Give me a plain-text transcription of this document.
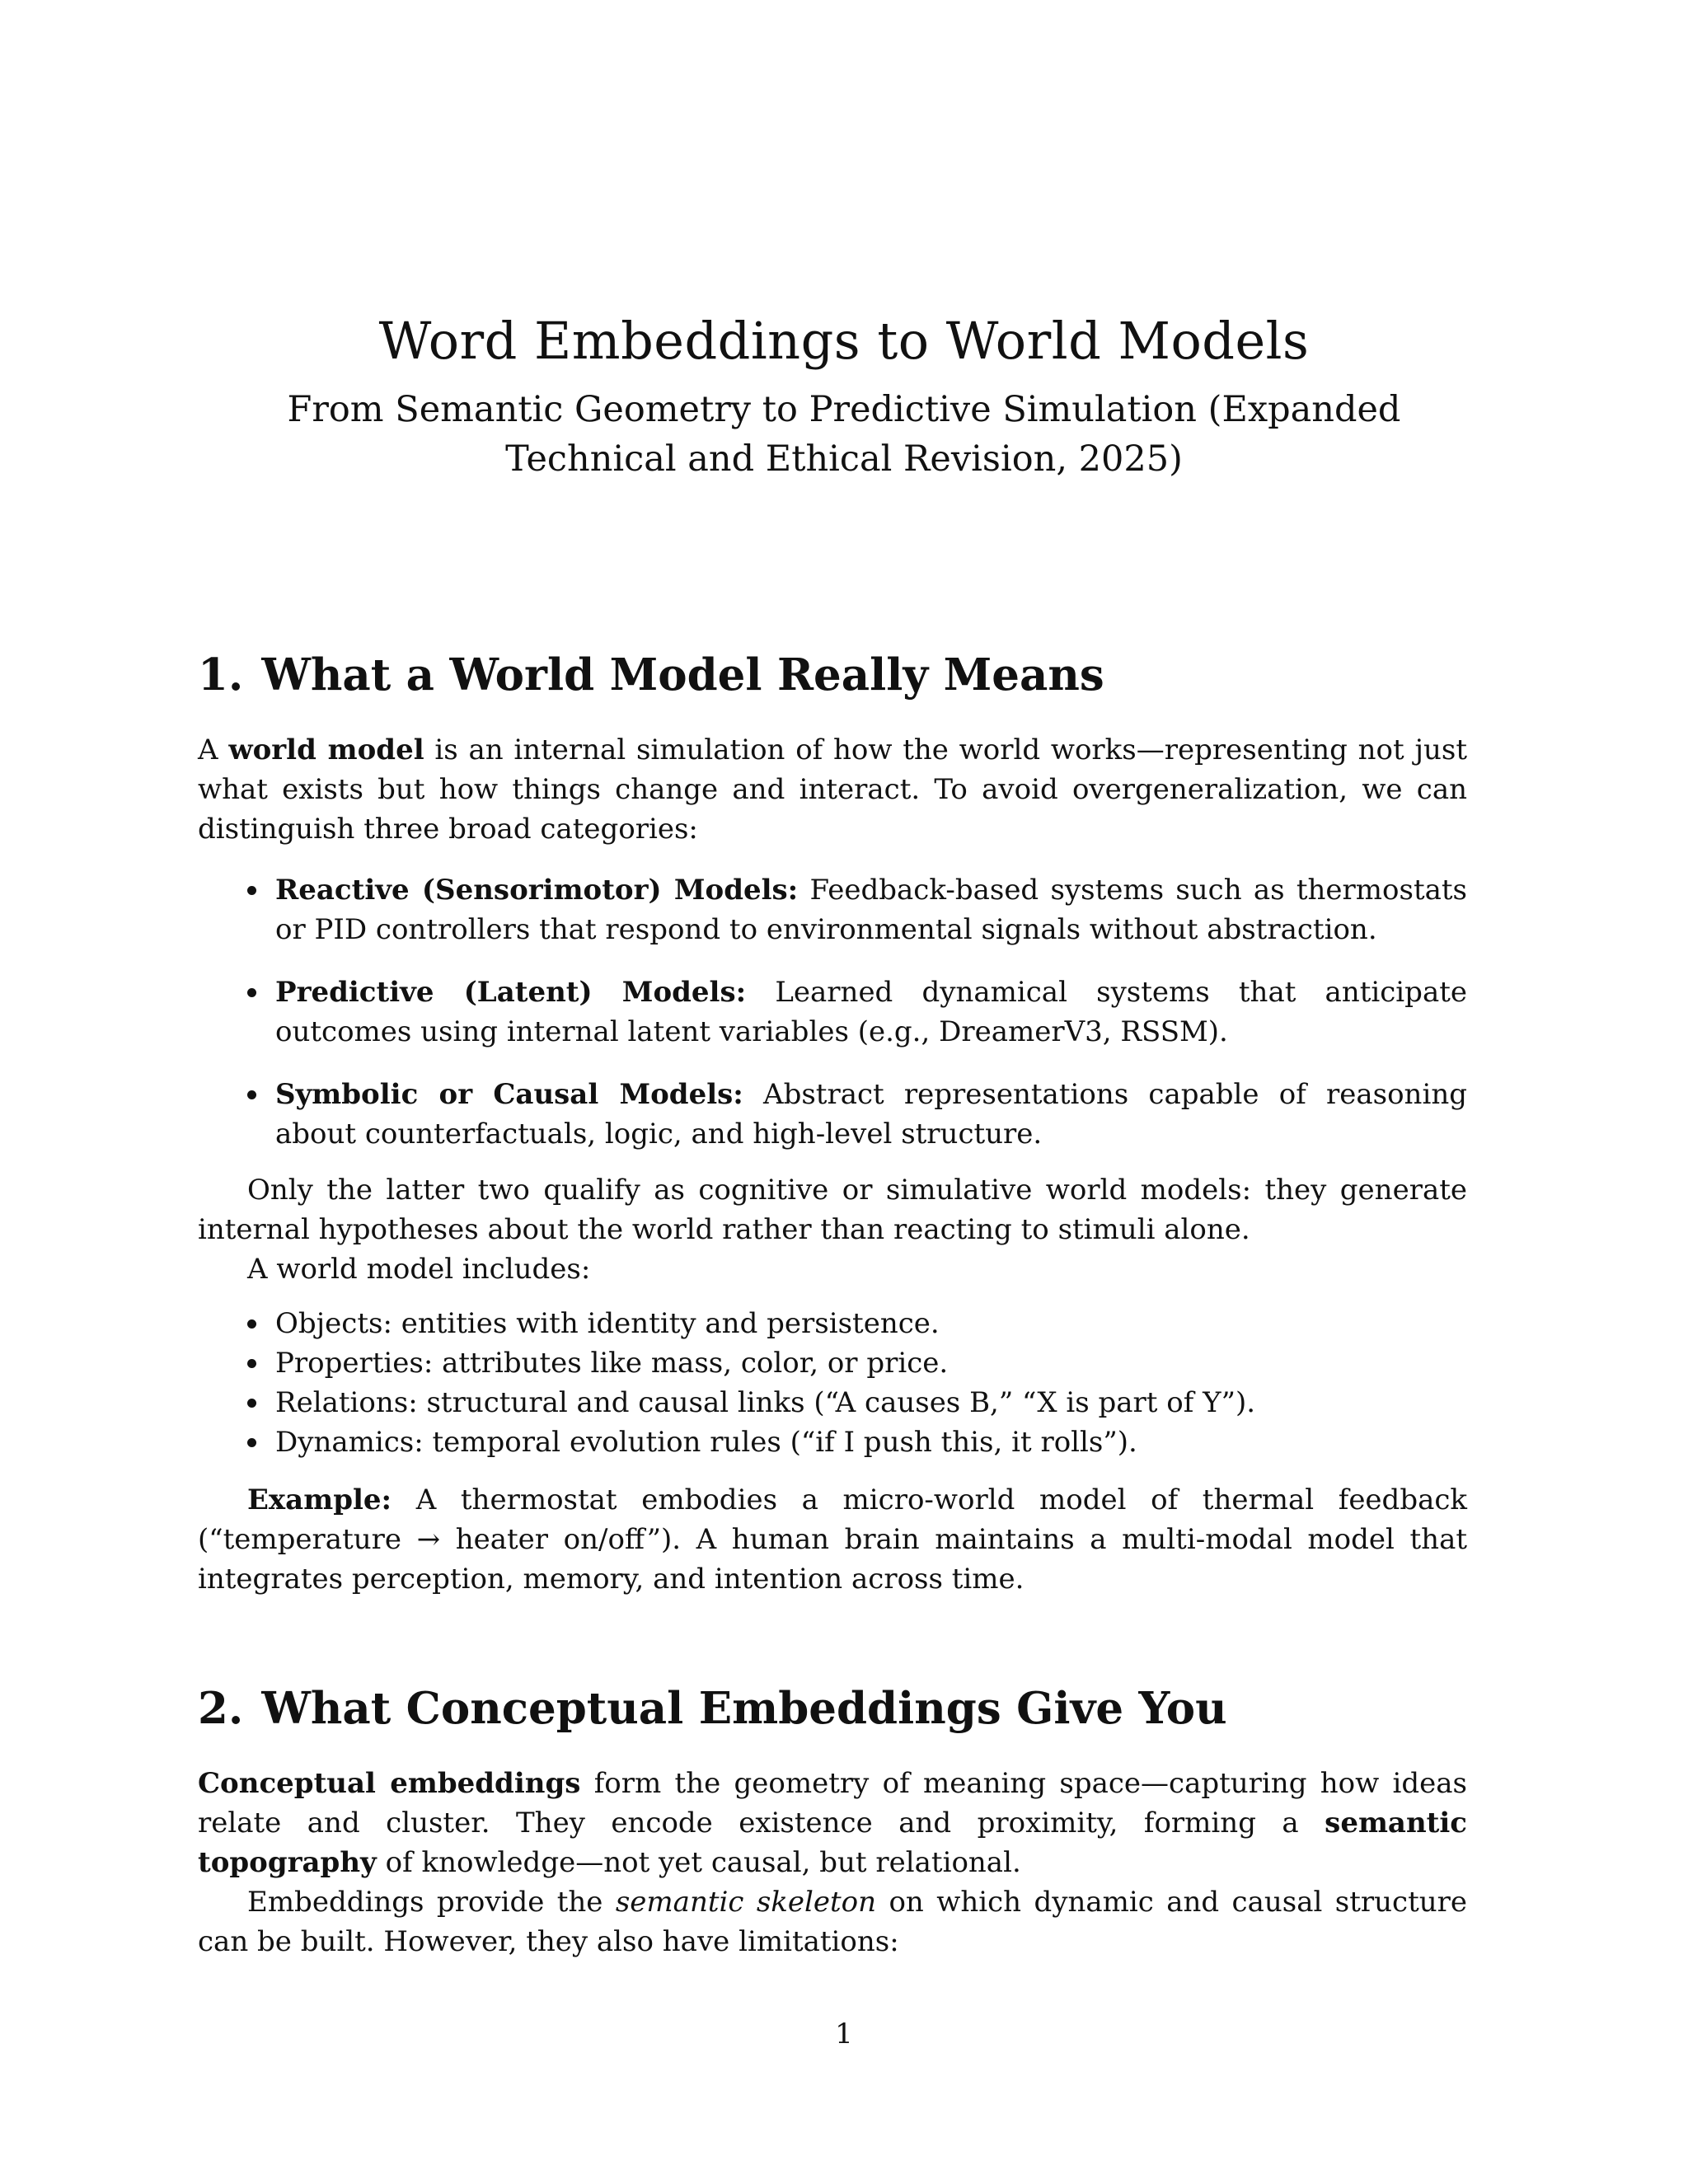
Word Embeddings to World Models
From Semantic Geometry to Predictive Simulation (Expanded Technical and Ethical Revision, 2025)
1. What a World Model Really Means

A world model is an internal simulation of how the world works—representing not just what exists but how things change and interact. To avoid overgeneralization, we can distinguish three broad categories:

Reactive (Sensorimotor) Models: Feedback-based systems such as thermostats or PID controllers that respond to environmental signals without abstraction.
Predictive (Latent) Models: Learned dynamical systems that anticipate outcomes using internal latent variables (e.g., DreamerV3, RSSM).
Symbolic or Causal Models: Abstract representations capable of reasoning about counterfactuals, logic, and high-level structure.

Only the latter two qualify as cognitive or simulative world models: they generate internal hypotheses about the world rather than reacting to stimuli alone.

A world model includes:

Objects: entities with identity and persistence.
Properties: attributes like mass, color, or price.
Relations: structural and causal links (“A causes B,” “X is part of Y”).
Dynamics: temporal evolution rules (“if I push this, it rolls”).

Example: A thermostat embodies a micro-world model of thermal feedback (“temperature → heater on/off”). A human brain maintains a multi-modal model that integrates perception, memory, and intention across time.

2. What Conceptual Embeddings Give You

Conceptual embeddings form the geometry of meaning space—capturing how ideas relate and cluster. They encode existence and proximity, forming a semantic topography of knowledge—not yet causal, but relational.

Embeddings provide the semantic skeleton on which dynamic and causal structure can be built. However, they also have limitations:

1
